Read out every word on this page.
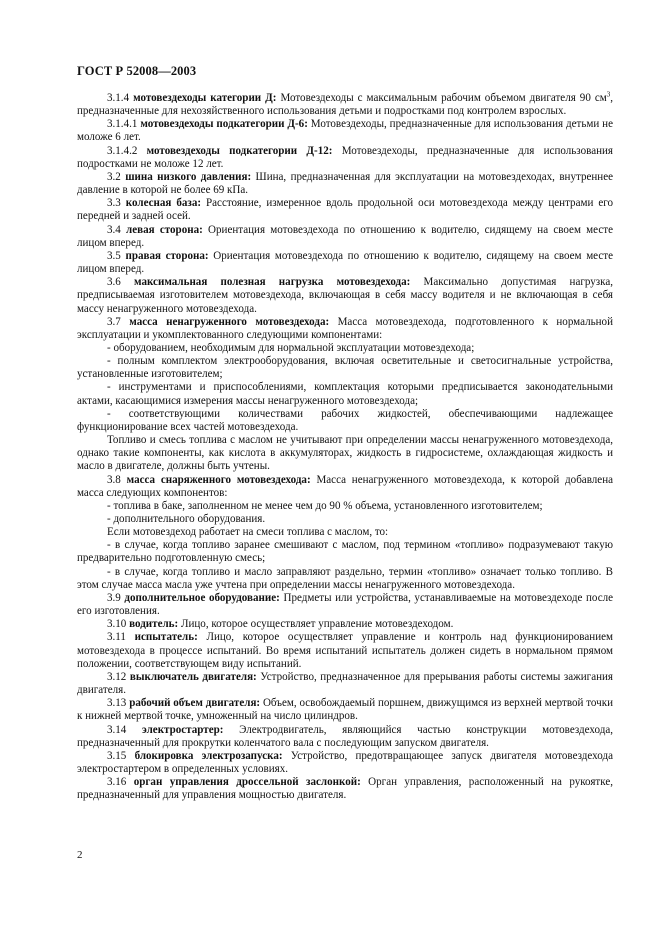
ГОСТ Р 52008—2003

3.1.4 мотовездеходы категории Д: Мотовездеходы с максимальным рабочим объемом двигателя 90 $см^3$, предназначенные для нехозяйственного использования детьми и подростками под контролем взрослых.

3.1.4.1 мотовездеходы подкатегории Д-6: Мотовездеходы, предназначенные для использования детьми не моложе 6 лет.

3.1.4.2 мотовездеходы подкатегории Д-12: Мотовездеходы, предназначенные для использования подростками не моложе 12 лет.

3.2 шина низкого давления: Шина, предназначенная для эксплуатации на мотовездеходах, внутреннее давление в которой не более 69 кПа.

3.3 колесная база: Расстояние, измеренное вдоль продольной оси мотовездехода между центрами его передней и задней осей.

3.4 левая сторона: Ориентация мотовездехода по отношению к водителю, сидящему на своем месте лицом вперед.

3.5 правая сторона: Ориентация мотовездехода по отношению к водителю, сидящему на своем месте лицом вперед.

3.6 максимальная полезная нагрузка мотовездехода: Максимально допустимая нагрузка, предписываемая изготовителем мотовездехода, включающая в себя массу водителя и не включающая в себя массу ненагруженного мотовездехода.

3.7 масса ненагруженного мотовездехода: Масса мотовездехода, подготовленного к нормальной эксплуатации и укомплектованного следующими компонентами:

- оборудованием, необходимым для нормальной эксплуатации мотовездехода;

- полным комплектом электрооборудования, включая осветительные и светосигнальные устройства, установленные изготовителем;

- инструментами и приспособлениями, комплектация которыми предписывается законодательными актами, касающимися измерения массы ненагруженного мотовездехода;

- соответствующими количествами рабочих жидкостей, обеспечивающими надлежащее функционирование всех частей мотовездехода.

Топливо и смесь топлива с маслом не учитывают при определении массы ненагруженного мотовездехода, однако такие компоненты, как кислота в аккумуляторах, жидкость в гидросистеме, охлаждающая жидкость и масло в двигателе, должны быть учтены.

3.8 масса снаряженного мотовездехода: Масса ненагруженного мотовездехода, к которой добавлена масса следующих компонентов:

- топлива в баке, заполненном не менее чем до 90 % объема, установленного изготовителем;

- дополнительного оборудования.

Если мотовездеход работает на смеси топлива с маслом, то:

- в случае, когда топливо заранее смешивают с маслом, под термином «топливо» подразумевают такую предварительно подготовленную смесь;

- в случае, когда топливо и масло заправляют раздельно, термин «топливо» означает только топливо. В этом случае масса масла уже учтена при определении массы ненагруженного мотовездехода.

3.9 дополнительное оборудование: Предметы или устройства, устанавливаемые на мотовездеходе после его изготовления.

3.10 водитель: Лицо, которое осуществляет управление мотовездеходом.

3.11 испытатель: Лицо, которое осуществляет управление и контроль над функционированием мотовездехода в процессе испытаний. Во время испытаний испытатель должен сидеть в нормальном прямом положении, соответствующем виду испытаний.

3.12 выключатель двигателя: Устройство, предназначенное для прерывания работы системы зажигания двигателя.

3.13 рабочий объем двигателя: Объем, освобождаемый поршнем, движущимся из верхней мертвой точки к нижней мертвой точке, умноженный на число цилиндров.

3.14 электростартер: Электродвигатель, являющийся частью конструкции мотовездехода, предназначенный для прокрутки коленчатого вала с последующим запуском двигателя.

3.15 блокировка электрозапуска: Устройство, предотвращающее запуск двигателя мотовездехода электростартером в определенных условиях.

3.16 орган управления дроссельной заслонкой: Орган управления, расположенный на рукоятке, предназначенный для управления мощностью двигателя.

2
